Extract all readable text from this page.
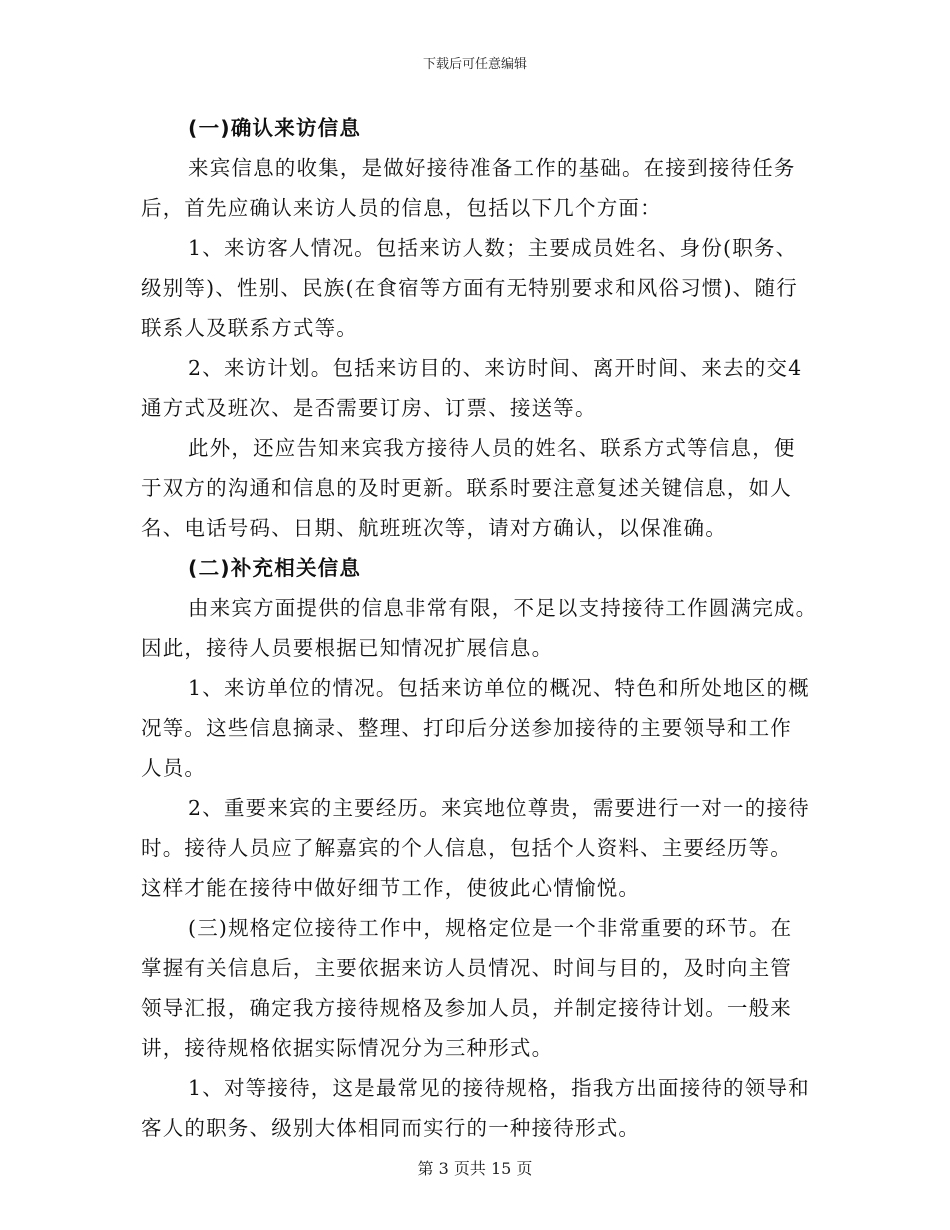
下载后可任意编辑
(一)确认来访信息
来宾信息的收集，是做好接待准备工作的基础。在接到接待任务
后，首先应确认来访人员的信息，包括以下几个方面：
1、来访客人情况。包括来访人数；主要成员姓名、身份(职务、
级别等)、性别、民族(在食宿等方面有无特别要求和风俗习惯)、随行
联系人及联系方式等。
2、来访计划。包括来访目的、来访时间、离开时间、来去的交4
通方式及班次、是否需要订房、订票、接送等。
此外，还应告知来宾我方接待人员的姓名、联系方式等信息，便
于双方的沟通和信息的及时更新。联系时要注意复述关键信息，如人
名、电话号码、日期、航班班次等，请对方确认，以保准确。
(二)补充相关信息
由来宾方面提供的信息非常有限，不足以支持接待工作圆满完成。
因此，接待人员要根据已知情况扩展信息。
1、来访单位的情况。包括来访单位的概况、特色和所处地区的概
况等。这些信息摘录、整理、打印后分送参加接待的主要领导和工作
人员。
2、重要来宾的主要经历。来宾地位尊贵，需要进行一对一的接待
时。接待人员应了解嘉宾的个人信息，包括个人资料、主要经历等。
这样才能在接待中做好细节工作，使彼此心情愉悦。
(三)规格定位接待工作中，规格定位是一个非常重要的环节。在
掌握有关信息后，主要依据来访人员情况、时间与目的，及时向主管
领导汇报，确定我方接待规格及参加人员，并制定接待计划。一般来
讲，接待规格依据实际情况分为三种形式。
1、对等接待，这是最常见的接待规格，指我方出面接待的领导和
客人的职务、级别大体相同而实行的一种接待形式。
第 3 页共 15 页
